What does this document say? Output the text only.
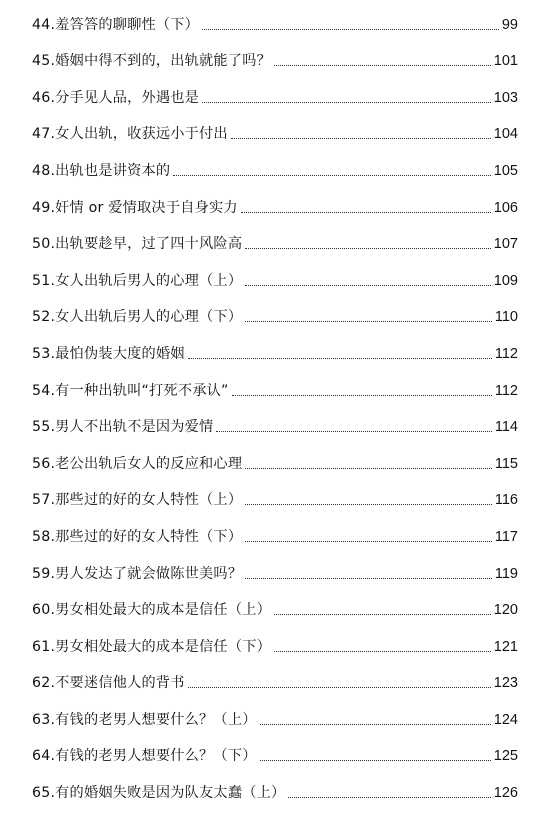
44.羞答答的聊聊性（下）	99
45.婚姻中得不到的，出轨就能了吗？	101
46.分手见人品，外遇也是	103
47.女人出轨，收获远小于付出	104
48.出轨也是讲资本的	105
49.奸情 or 爱情取决于自身实力	106
50.出轨要趁早，过了四十风险高	107
51.女人出轨后男人的心理（上）	109
52.女人出轨后男人的心理（下）	110
53.最怕伪装大度的婚姻	112
54.有一种出轨叫“打死不承认”	112
55.男人不出轨不是因为爱情	114
56.老公出轨后女人的反应和心理	115
57.那些过的好的女人特性（上）	116
58.那些过的好的女人特性（下）	117
59.男人发达了就会做陈世美吗？	119
60.男女相处最大的成本是信任（上）	120
61.男女相处最大的成本是信任（下）	121
62.不要迷信他人的背书	123
63.有钱的老男人想要什么？（上）	124
64.有钱的老男人想要什么？（下）	125
65.有的婚姻失败是因为队友太蠢（上）	126
